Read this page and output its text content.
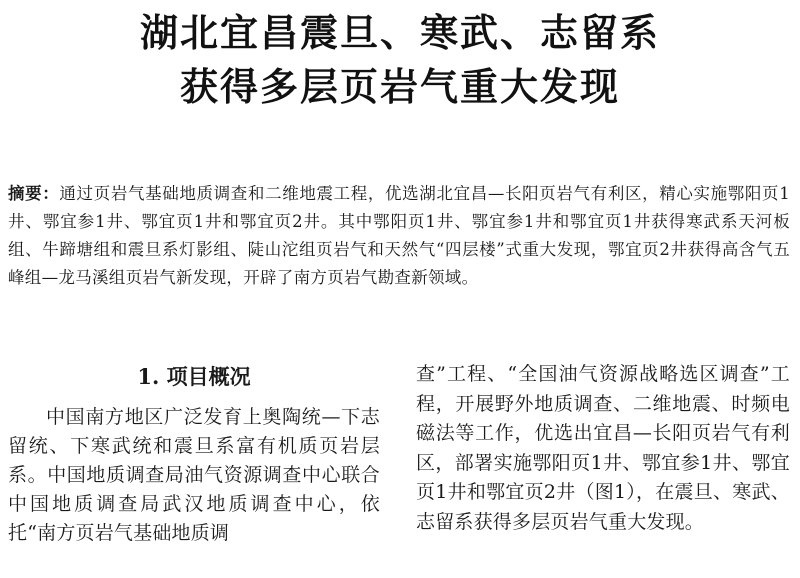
湖北宜昌震旦、寒武、志留系
获得多层页岩气重大发现
摘要：通过页岩气基础地质调查和二维地震工程，优选湖北宜昌—长阳页岩气有利区，精心实施鄂阳页1井、鄂宜参1井、鄂宜页1井和鄂宜页2井。其中鄂阳页1井、鄂宜参1井和鄂宜页1井获得寒武系天河板组、牛蹄塘组和震旦系灯影组、陡山沱组页岩气和天然气“四层楼”式重大发现，鄂宜页2井获得高含气五峰组—龙马溪组页岩气新发现，开辟了南方页岩气勘查新领域。
1. 项目概况
中国南方地区广泛发育上奥陶统—下志留统、下寒武统和震旦系富有机质页岩层系。中国地质调查局油气资源调查中心联合中国地质调查局武汉地质调查中心，依托“南方页岩气基础地质调
查”工程、“全国油气资源战略选区调查”工程，开展野外地质调查、二维地震、时频电磁法等工作，优选出宜昌—长阳页岩气有利区，部署实施鄂阳页1井、鄂宜参1井、鄂宜页1井和鄂宜页2井（图1），在震旦、寒武、志留系获得多层页岩气重大发现。
